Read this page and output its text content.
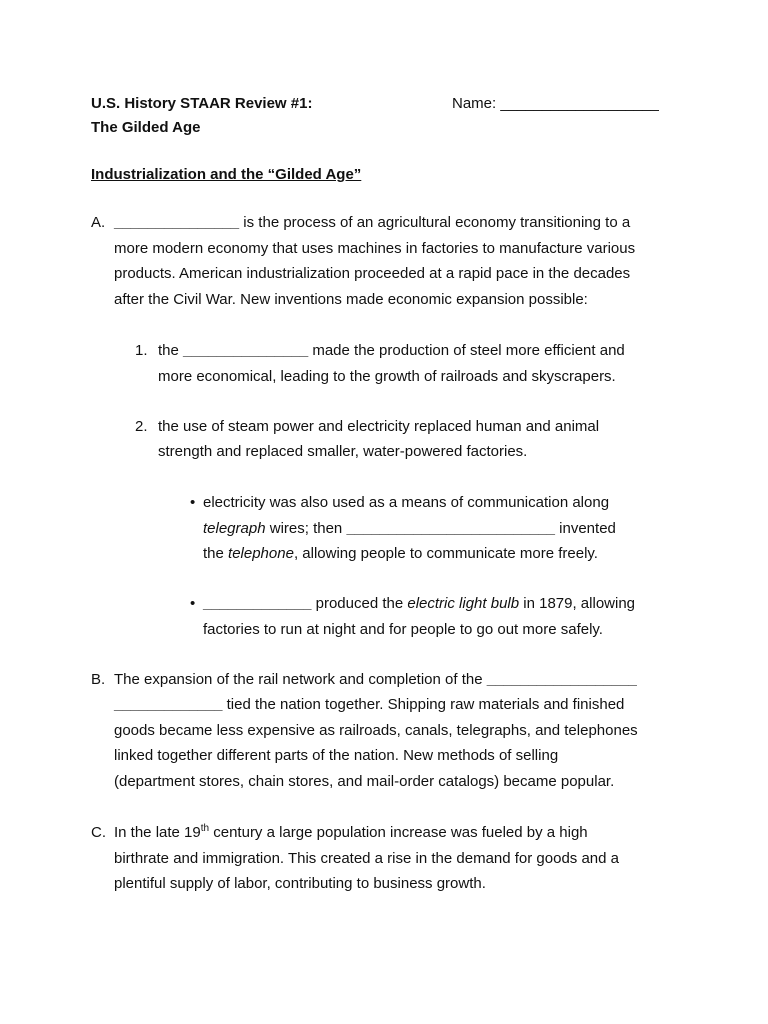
U.S. History STAAR Review #1:	Name: ___________________
The Gilded Age
Industrialization and the “Gilded Age”
A. _______________ is the process of an agricultural economy transitioning to a
more modern economy that uses machines in factories to manufacture various
products. American industrialization proceeded at a rapid pace in the decades
after the Civil War. New inventions made economic expansion possible:
1. the _______________ made the production of steel more efficient and
more economical, leading to the growth of railroads and skyscrapers.
2. the use of steam power and electricity replaced human and animal
strength and replaced smaller, water-powered factories.
• electricity was also used as a means of communication along
telegraph wires; then _________________________ invented
the telephone, allowing people to communicate more freely.
• _____________ produced the electric light bulb in 1879, allowing
factories to run at night and for people to go out more safely.
B. The expansion of the rail network and completion of the __________________
_____________ tied the nation together. Shipping raw materials and finished
goods became less expensive as railroads, canals, telegraphs, and telephones
linked together different parts of the nation. New methods of selling
(department stores, chain stores, and mail-order catalogs) became popular.
C. In the late 19th century a large population increase was fueled by a high
birthrate and immigration. This created a rise in the demand for goods and a
plentiful supply of labor, contributing to business growth.
